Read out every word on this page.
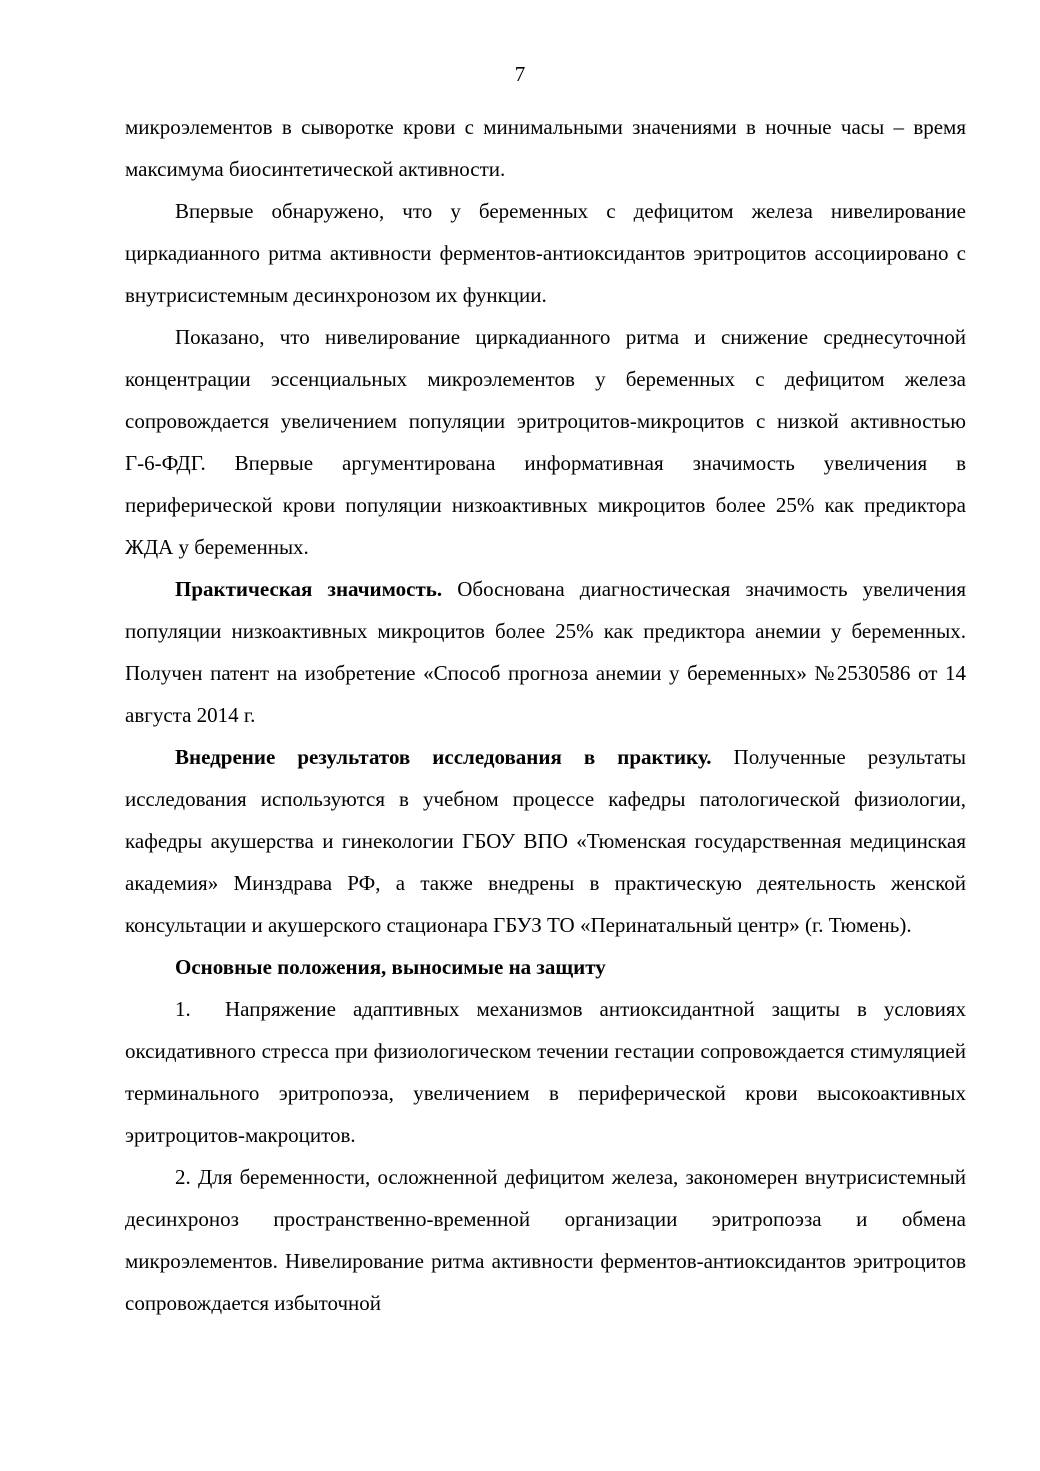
7

микроэлементов в сыворотке крови с минимальными значениями в ночные часы – время максимума биосинтетической активности.

Впервые обнаружено, что у беременных с дефицитом железа нивелирование циркадианного ритма активности ферментов-антиоксидантов эритроцитов ассоциировано с внутрисистемным десинхронозом их функции.

Показано, что нивелирование циркадианного ритма и снижение среднесуточной концентрации эссенциальных микроэлементов у беременных с дефицитом железа сопровождается увеличением популяции эритроцитов-микроцитов с низкой активностью Г-6-ФДГ. Впервые аргументирована информативная значимость увеличения в периферической крови популяции низкоактивных микроцитов более 25% как предиктора ЖДА у беременных.

Практическая значимость. Обоснована диагностическая значимость увеличения популяции низкоактивных микроцитов более 25% как предиктора анемии у беременных. Получен патент на изобретение «Способ прогноза анемии у беременных» №2530586 от 14 августа 2014 г.

Внедрение результатов исследования в практику. Полученные результаты исследования используются в учебном процессе кафедры патологической физиологии, кафедры акушерства и гинекологии ГБОУ ВПО «Тюменская государственная медицинская академия» Минздрава РФ, а также внедрены в практическую деятельность женской консультации и акушерского стационара ГБУЗ ТО «Перинатальный центр» (г. Тюмень).

Основные положения, выносимые на защиту

1. Напряжение адаптивных механизмов антиоксидантной защиты в условиях оксидативного стресса при физиологическом течении гестации сопровождается стимуляцией терминального эритропоэза, увеличением в периферической крови высокоактивных эритроцитов-макроцитов.

2. Для беременности, осложненной дефицитом железа, закономерен внутрисистемный десинхроноз пространственно-временной организации эритропоэза и обмена микроэлементов. Нивелирование ритма активности ферментов-антиоксидантов эритроцитов сопровождается избыточной
